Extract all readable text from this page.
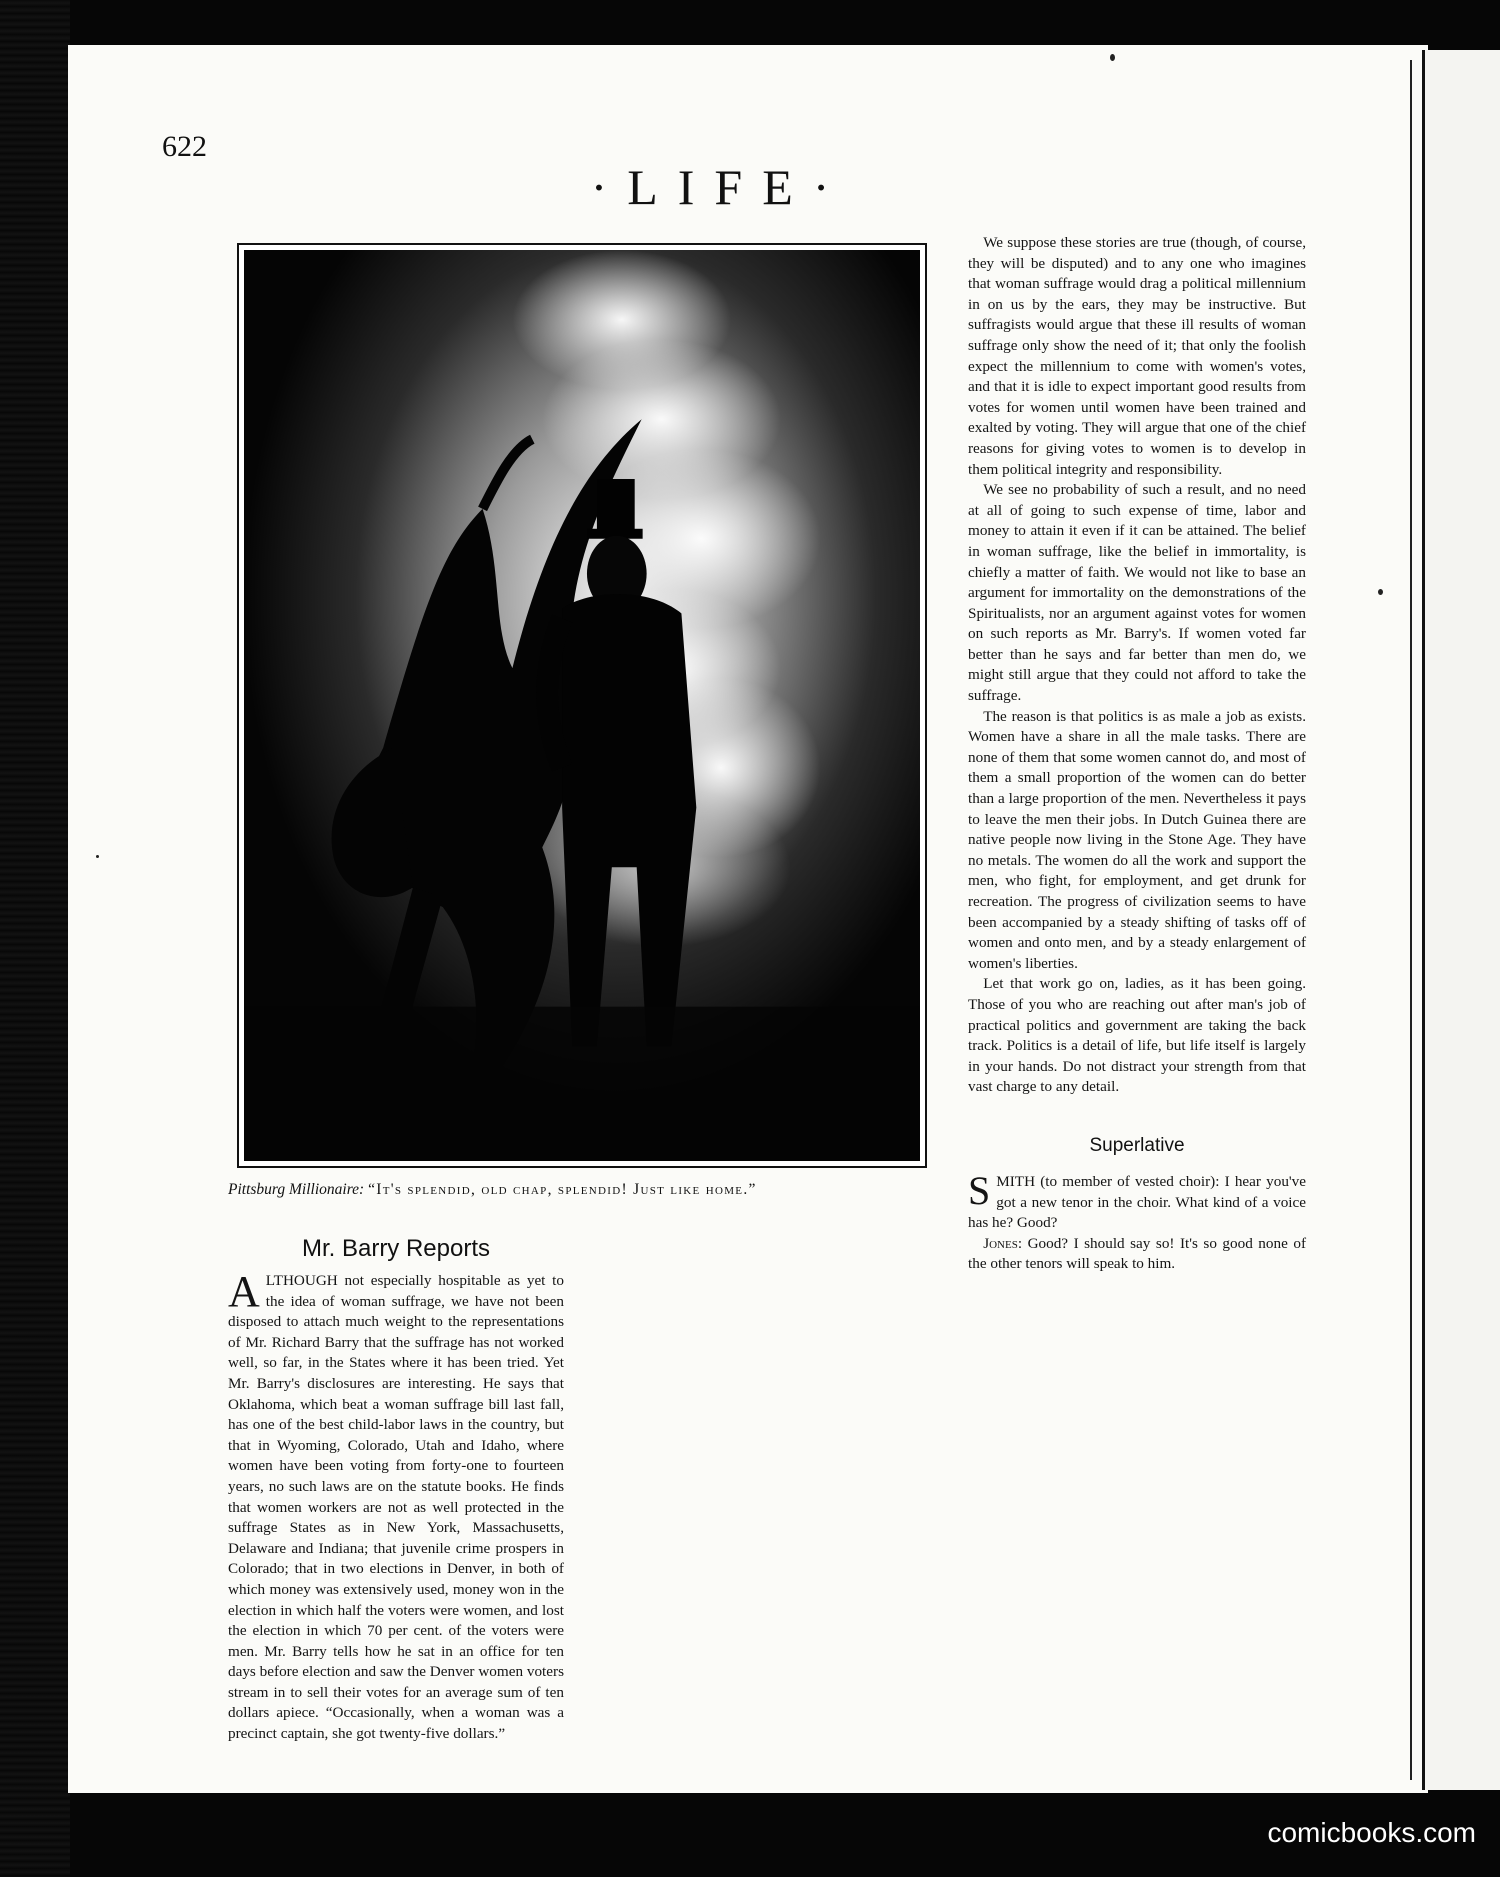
622

·LIFE·

Pittsburg Millionaire: “It's splendid, old chap, splendid! Just like home.”

Mr. Barry Reports

ALTHOUGH not especially hospitable as yet to the idea of woman suffrage, we have not been disposed to attach much weight to the representations of Mr. Richard Barry that the suffrage has not worked well, so far, in the States where it has been tried. Yet Mr. Barry's disclosures are interesting. He says that Oklahoma, which beat a woman suffrage bill last fall, has one of the best child-labor laws in the country, but that in Wyoming, Colorado, Utah and Idaho, where women have been voting from forty-one to fourteen years, no such laws are on the statute books. He finds that women workers are not as well protected in the suffrage States as in New York, Massachusetts, Delaware and Indiana; that juvenile crime prospers in Colorado; that in two elections in Denver, in both of which money was extensively used, money won in the election in which half the voters were women, and lost the election in which 70 per cent. of the voters were men. Mr. Barry tells how he sat in an office for ten days before election and saw the Denver women voters stream in to sell their votes for an average sum of ten dollars apiece. “Occasionally, when a woman was a precinct captain, she got twenty-five dollars.”

We suppose these stories are true (though, of course, they will be disputed) and to any one who imagines that woman suffrage would drag a political millennium in on us by the ears, they may be instructive. But suffragists would argue that these ill results of woman suffrage only show the need of it; that only the foolish expect the millennium to come with women's votes, and that it is idle to expect important good results from votes for women until women have been trained and exalted by voting. They will argue that one of the chief reasons for giving votes to women is to develop in them political integrity and responsibility.

We see no probability of such a result, and no need at all of going to such expense of time, labor and money to attain it even if it can be attained. The belief in woman suffrage, like the belief in immortality, is chiefly a matter of faith. We would not like to base an argument for immortality on the demonstrations of the Spiritualists, nor an argument against votes for women on such reports as Mr. Barry's. If women voted far better than he says and far better than men do, we might still argue that they could not afford to take the suffrage.

The reason is that politics is as male a job as exists. Women have a share in all the male tasks. There are none of them that some women cannot do, and most of them a small proportion of the women can do better than a large proportion of the men. Nevertheless it pays to leave the men their jobs. In Dutch Guinea there are native people now living in the Stone Age. They have no metals. The women do all the work and support the men, who fight, for employment, and get drunk for recreation. The progress of civilization seems to have been accompanied by a steady shifting of tasks off of women and onto men, and by a steady enlargement of women's liberties.

Let that work go on, ladies, as it has been going. Those of you who are reaching out after man's job of practical politics and government are taking the back track. Politics is a detail of life, but life itself is largely in your hands. Do not distract your strength from that vast charge to any detail.

Superlative

SMITH (to member of vested choir): I hear you've got a new tenor in the choir. What kind of a voice has he? Good?

Jones: Good? I should say so! It's so good none of the other tenors will speak to him.

comicbooks.com
